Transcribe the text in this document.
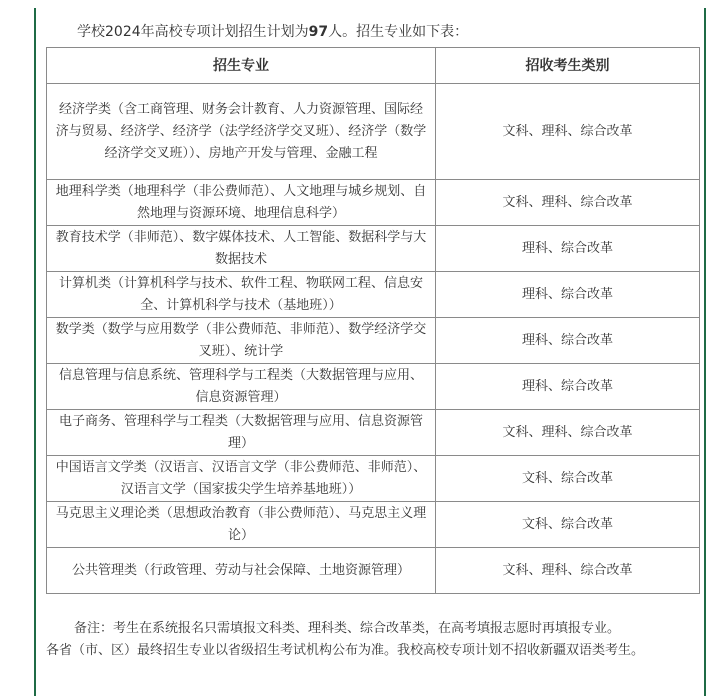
学校2024年高校专项计划招生计划为97人。招生专业如下表：
招生专业	招收考生类别
经济学类（含工商管理、财务会计教育、人力资源管理、国际经济与贸易、经济学、经济学（法学经济学交叉班）、经济学（数学经济学交叉班））、房地产开发与管理、金融工程	文科、理科、综合改革
地理科学类（地理科学（非公费师范）、人文地理与城乡规划、自然地理与资源环境、地理信息科学）	文科、理科、综合改革
教育技术学（非师范）、数字媒体技术、人工智能、数据科学与大数据技术	理科、综合改革
计算机类（计算机科学与技术、软件工程、物联网工程、信息安全、计算机科学与技术（基地班））	理科、综合改革
数学类（数学与应用数学（非公费师范、非师范）、数学经济学交叉班）、统计学	理科、综合改革
信息管理与信息系统、管理科学与工程类（大数据管理与应用、信息资源管理）	理科、综合改革
电子商务、管理科学与工程类（大数据管理与应用、信息资源管理）	文科、理科、综合改革
中国语言文学类（汉语言、汉语言文学（非公费师范、非师范）、汉语言文学（国家拔尖学生培养基地班））	文科、综合改革
马克思主义理论类（思想政治教育（非公费师范）、马克思主义理论）	文科、综合改革
公共管理类（行政管理、劳动与社会保障、土地资源管理）	文科、理科、综合改革

备注：考生在系统报名只需填报文科类、理科类、综合改革类，在高考填报志愿时再填报专业。

各省（市、区）最终招生专业以省级招生考试机构公布为准。我校高校专项计划不招收新疆双语类考生。
